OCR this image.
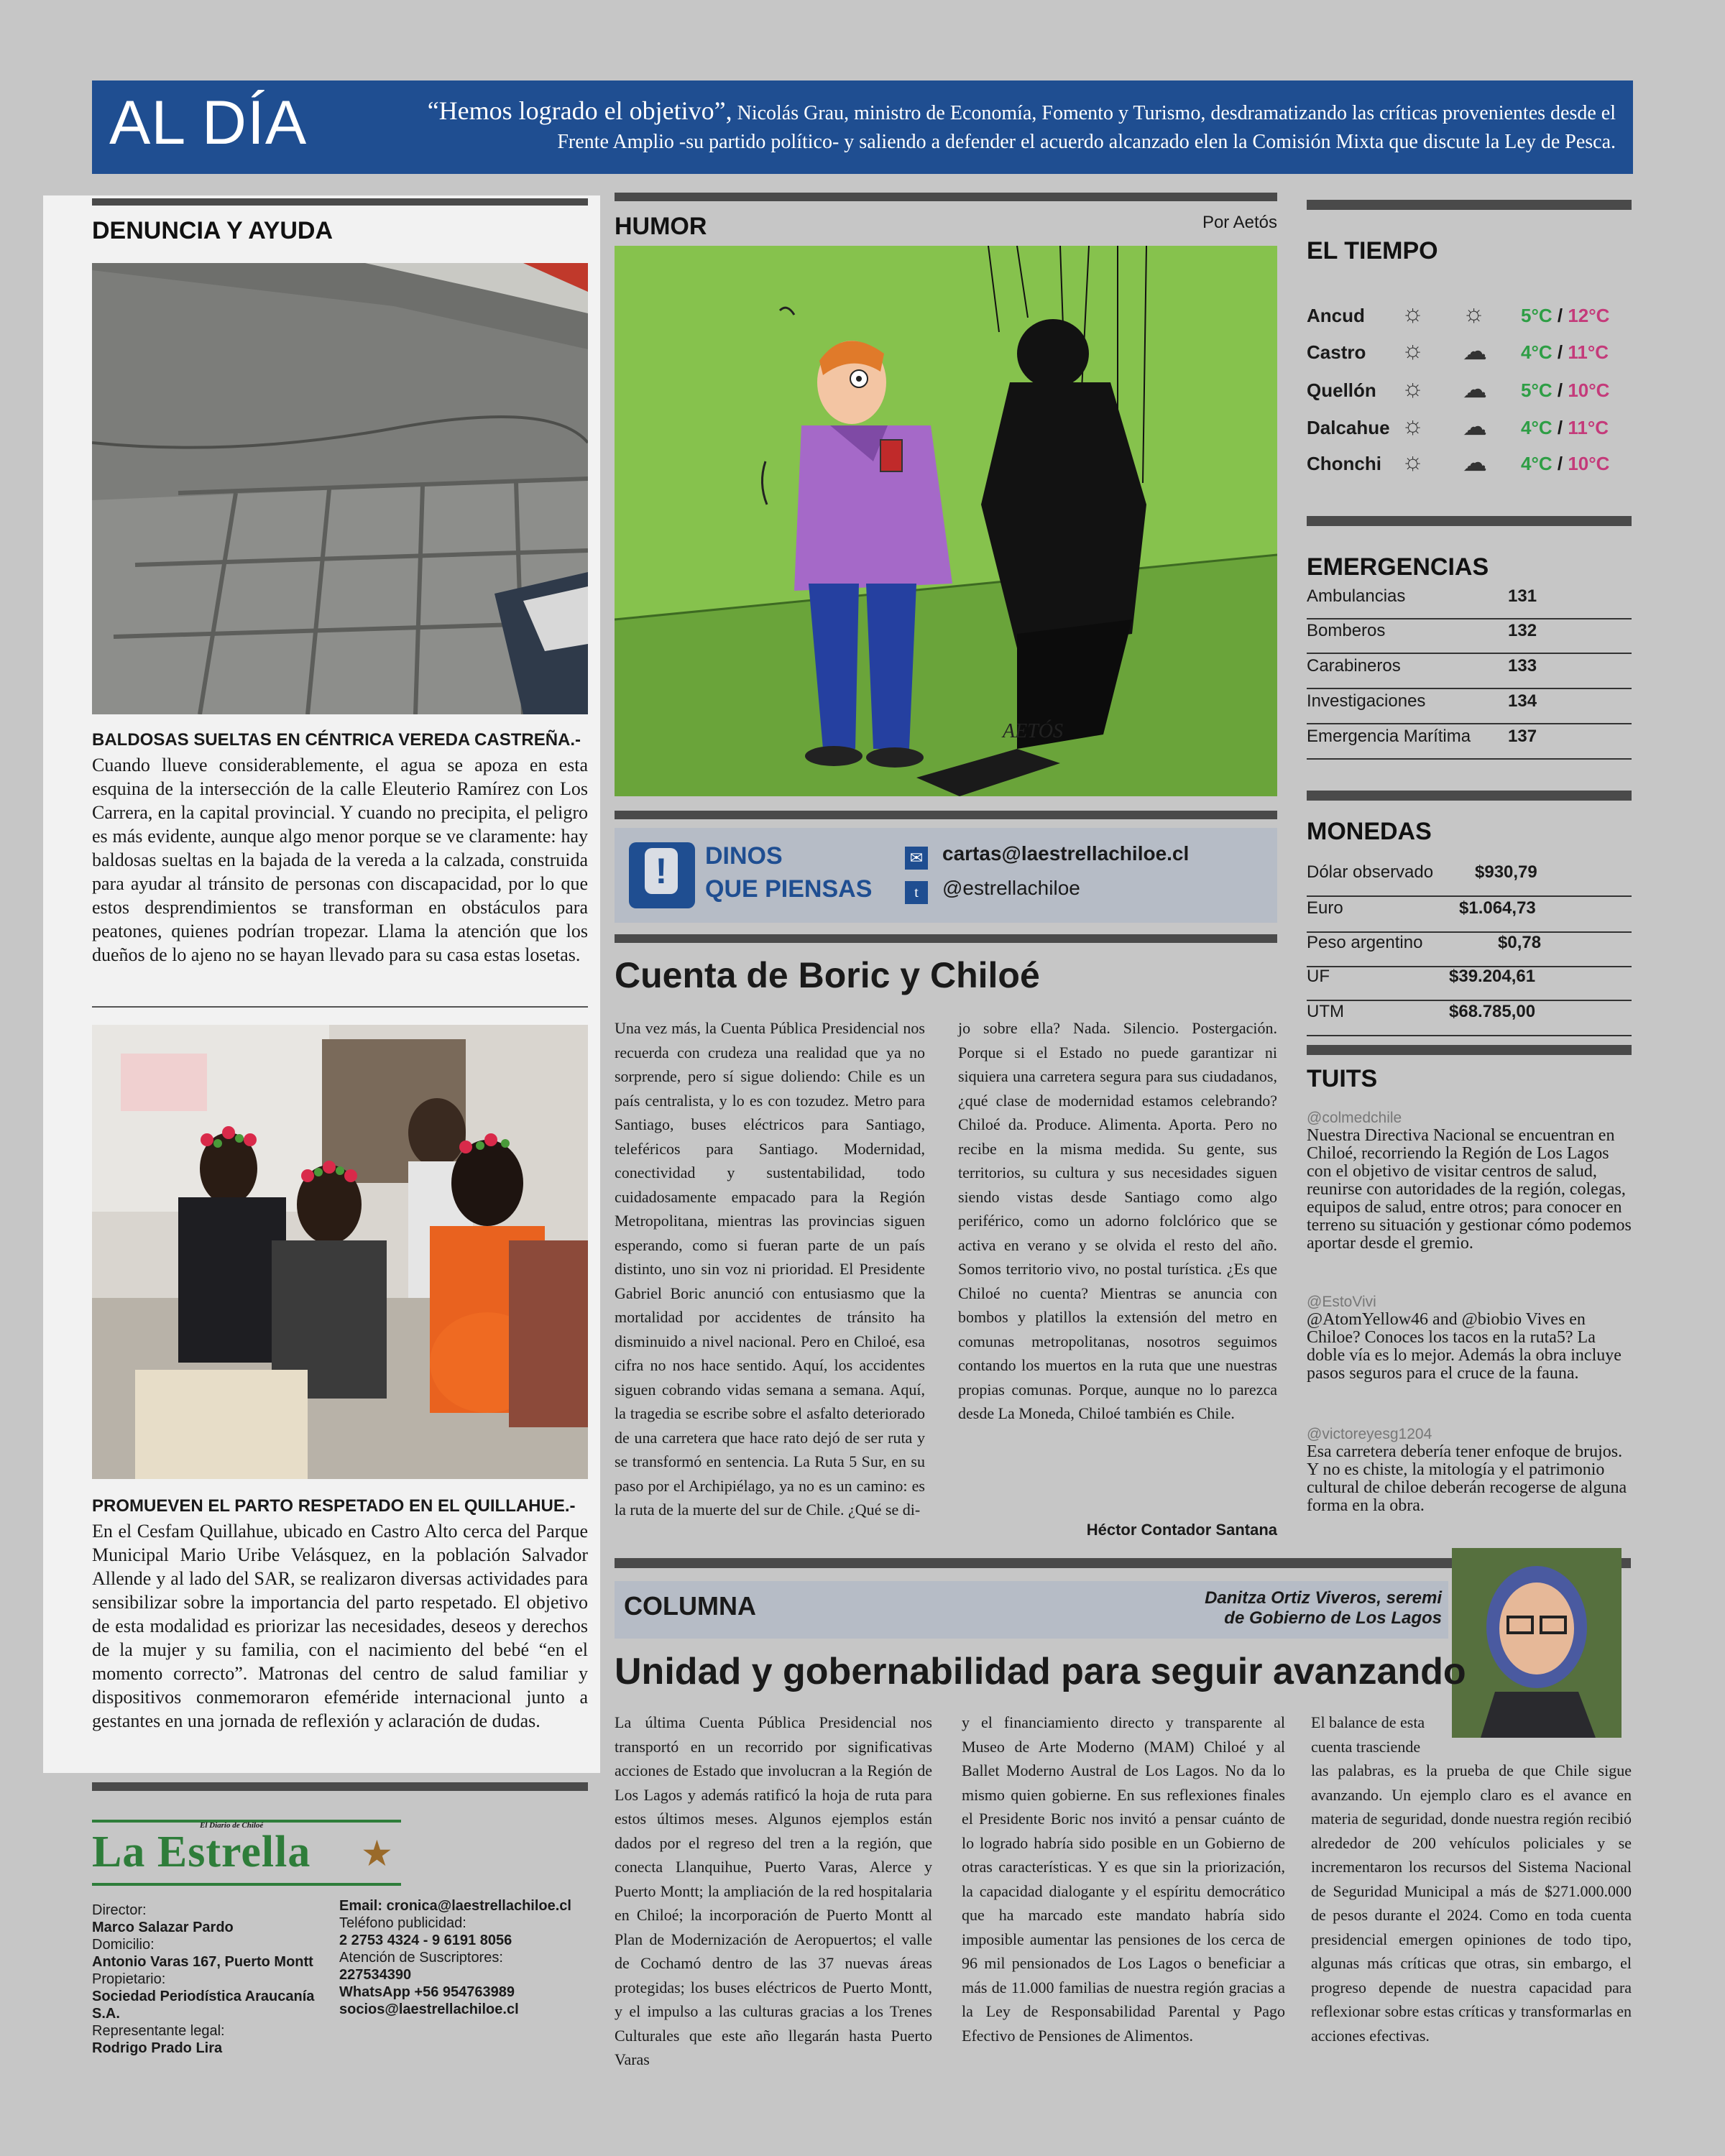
AL DÍA	“Hemos logrado el objetivo”, Nicolás Grau, ministro de Economía, Fomento y Turismo, desdramatizando las críticas provenientes desde el Frente Amplio -su partido político- y saliendo a defender el acuerdo alcanzado elen la Comisión Mixta que discute la Ley de Pesca.
DENUNCIA Y AYUDA
BALDOSAS SUELTAS EN CÉNTRICA VEREDA CASTREÑA.-
Cuando llueve considerablemente, el agua se apoza en esta esquina de la intersección de la calle Eleuterio Ramírez con Los Carrera, en la capital provincial. Y cuando no precipita, el peligro es más evidente, aunque algo menor porque se ve claramente: hay baldosas sueltas en la bajada de la vereda a la calzada, construida para ayudar al tránsito de personas con discapacidad, por lo que estos desprendimientos se transforman en obstáculos para peatones, quienes podrían tropezar. Llama la atención que los dueños de lo ajeno no se hayan llevado para su casa estas losetas.
PROMUEVEN EL PARTO RESPETADO EN EL QUILLAHUE.-
En el Cesfam Quillahue, ubicado en Castro Alto cerca del Parque Municipal Mario Uribe Velásquez, en la población Salvador Allende y al lado del SAR, se realizaron diversas actividades para sensibilizar sobre la importancia del parto respetado. El objetivo de esta modalidad es priorizar las necesidades, deseos y derechos de la mujer y su familia, con el nacimiento del bebé “en el momento correcto”. Matronas del centro de salud familiar y dispositivos conmemoraron efeméride internacional junto a gestantes en una jornada de reflexión y aclaración de dudas.
El Diario de Chiloé
La Estrella ★
Director:
Marco Salazar Pardo
Domicilio:
Antonio Varas 167, Puerto Montt
Propietario:
Sociedad Periodística Araucanía S.A.
Representante legal:
Rodrigo Prado Lira
Email: cronica@laestrellachiloe.cl
Teléfono publicidad:
2 2753 4324 - 9 6191 8056
Atención de Suscriptores:
227534390
WhatsApp +56 954763989
socios@laestrellachiloe.cl
HUMOR	Por Aetós
AETÓS
!	DINOS
QUE PIENSAS
✉ cartas@laestrellachiloe.cl
t	@estrellachiloe
Cuenta de Boric y Chiloé
Una vez más, la Cuenta Pública Presidencial nos recuerda con crudeza una realidad que ya no sorprende, pero sí sigue doliendo: Chile es un país centralista, y lo es con tozudez. Metro para Santiago, buses eléctricos para Santiago, teleféricos para Santiago. Modernidad, conectividad y sustentabilidad, todo cuidadosamente empacado para la Región Metropolitana, mientras las provincias siguen esperando, como si fueran parte de un país distinto, uno sin voz ni prioridad. El Presidente Gabriel Boric anunció con entusiasmo que la mortalidad por accidentes de tránsito ha disminuido a nivel nacional. Pero en Chiloé, esa cifra no nos hace sentido. Aquí, los accidentes siguen cobrando vidas semana a semana. Aquí, la tragedia se escribe sobre el asfalto deteriorado de una carretera que hace rato dejó de ser ruta y se transformó en sentencia. La Ruta 5 Sur, en su paso por el Archipiélago, ya no es un camino: es la ruta de la muerte del sur de Chile. ¿Qué se di-
jo sobre ella? Nada. Silencio. Postergación. Porque si el Estado no puede garantizar ni siquiera una carretera segura para sus ciudadanos, ¿qué clase de modernidad estamos celebrando? Chiloé da. Produce. Alimenta. Aporta. Pero no recibe en la misma medida. Su gente, sus territorios, su cultura y sus necesidades siguen siendo vistas desde Santiago como algo periférico, como un adorno folclórico que se activa en verano y se olvida el resto del año. Somos territorio vivo, no postal turística. ¿Es que Chiloé no cuenta? Mientras se anuncia con bombos y platillos la extensión del metro en comunas metropolitanas, nosotros seguimos contando los muertos en la ruta que une nuestras propias comunas. Porque, aunque no lo parezca desde La Moneda, Chiloé también es Chile.
Héctor Contador Santana
COLUMNA	Danitza Ortiz Viveros, seremi
de Gobierno de Los Lagos
Unidad y gobernabilidad para seguir avanzando
La última Cuenta Pública Presidencial nos transportó en un recorrido por significativas acciones de Estado que involucran a la Región de Los Lagos y además ratificó la hoja de ruta para estos últimos meses. Algunos ejemplos están dados por el regreso del tren a la región, que conecta Llanquihue, Puerto Varas, Alerce y Puerto Montt; la ampliación de la red hospitalaria en Chiloé; la incorporación de Puerto Montt al Plan de Modernización de Aeropuertos; el valle de Cochamó dentro de las 37 nuevas áreas protegidas; los buses eléctricos de Puerto Montt, y el impulso a las culturas gracias a los Trenes Culturales que este año llegarán hasta Puerto Varas
y el financiamiento directo y transparente al Museo de Arte Moderno (MAM) Chiloé y al Ballet Moderno Austral de Los Lagos. No da lo mismo quien gobierne. En sus reflexiones finales el Presidente Boric nos invitó a pensar cuánto de lo logrado habría sido posible en un Gobierno de otras características. Y es que sin la priorización, la capacidad dialogante y el espíritu democrático que ha marcado este mandato habría sido imposible aumentar las pensiones de los cerca de 96 mil pensionados de Los Lagos o beneficiar a más de 11.000 familias de nuestra región gracias a la Ley de Responsabilidad Parental y Pago Efectivo de Pensiones de Alimentos.
El balance de esta cuenta trasciende
las palabras, es la prueba de que Chile sigue avanzando. Un ejemplo claro es el avance en materia de seguridad, donde nuestra región recibió alrededor de 200 vehículos policiales y se incrementaron los recursos del Sistema Nacional de Seguridad Municipal a más de $271.000.000 de pesos durante el 2024. Como en toda cuenta presidencial emergen opiniones de todo tipo, algunas más críticas que otras, sin embargo, el progreso depende de nuestra capacidad para reflexionar sobre estas críticas y transformarlas en acciones efectivas.
EL TIEMPO
Ancud ☼ ☼ 5°C / 12°C
Castro ☼ ☁ 4°C / 11°C
Quellón ☼ ☁ 5°C / 10°C
Dalcahue ☼ ☁ 4°C / 11°C
Chonchi ☼ ☁ 4°C / 10°C
EMERGENCIAS
Ambulancias	131
Bomberos	132
Carabineros	133
Investigaciones	134
Emergencia Marítima 137
MONEDAS
Dólar observado $930,79
Euro	$1.064,73
Peso argentino	$0,78
UF	$39.204,61
UTM	$68.785,00
TUITS
@colmedchile
Nuestra Directiva Nacional se encuentran en Chiloé, recorriendo la Región de Los Lagos con el objetivo de visitar centros de salud, reunirse con autoridades de la región, colegas, equipos de salud, entre otros; para conocer en terreno su situación y gestionar cómo podemos aportar desde el gremio.
@EstoVivi
@AtomYellow46 and @biobio Vives en Chiloe? Conoces los tacos en la ruta5? La doble vía es lo mejor. Además la obra incluye pasos seguros para el cruce de la fauna.
@victoreyesg1204
Esa carretera debería tener enfoque de brujos. Y no es chiste, la mitología y el patrimonio cultural de chiloe deberán recogerse de alguna forma en la obra.
